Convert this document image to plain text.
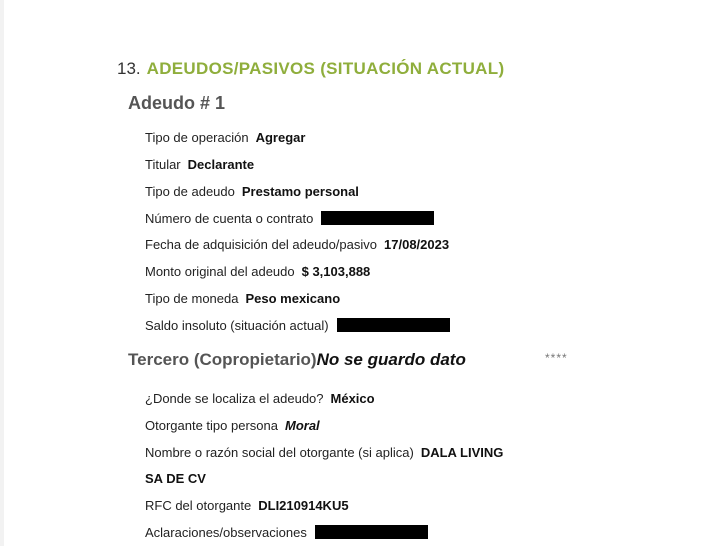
13. ADEUDOS/PASIVOS (SITUACIÓN ACTUAL)
Adeudo # 1
Tipo de operación Agregar
Titular Declarante
Tipo de adeudo Prestamo personal
Número de cuenta o contrato
Fecha de adquisición del adeudo/pasivo 17/08/2023
Monto original del adeudo $ 3,103,888
Tipo de moneda Peso mexicano
Saldo insoluto (situación actual)
Tercero (Copropietario) No se guardo dato	****
¿Donde se localiza el adeudo? México
Otorgante tipo persona Moral
Nombre o razón social del otorgante (si aplica) DALA LIVING
SA DE CV
RFC del otorgante DLI210914KU5
Aclaraciones/observaciones
